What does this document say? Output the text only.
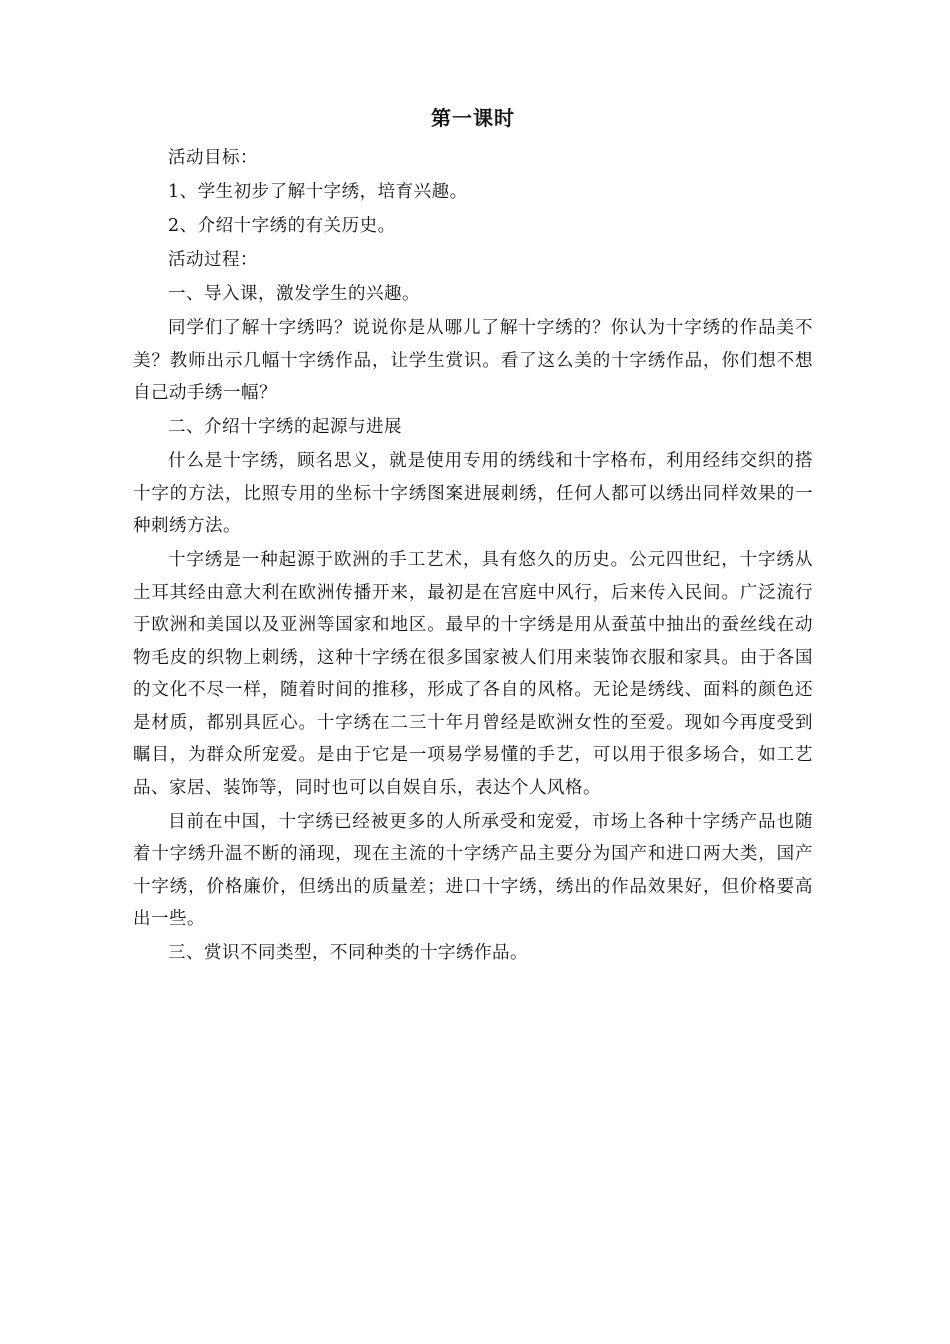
第一课时

活动目标：

1、学生初步了解十字绣，培育兴趣。

2、介绍十字绣的有关历史。

活动过程：

一、导入课，激发学生的兴趣。

同学们了解十字绣吗？说说你是从哪儿了解十字绣的？你认为十字绣的作品美不美？教师出示几幅十字绣作品，让学生赏识。看了这么美的十字绣作品，你们想不想自己动手绣一幅？

二、介绍十字绣的起源与进展

什么是十字绣，顾名思义，就是使用专用的绣线和十字格布，利用经纬交织的搭十字的方法，比照专用的坐标十字绣图案进展刺绣，任何人都可以绣出同样效果的一种刺绣方法。

十字绣是一种起源于欧洲的手工艺术，具有悠久的历史。公元四世纪，十字绣从土耳其经由意大利在欧洲传播开来，最初是在宫庭中风行，后来传入民间。广泛流行于欧洲和美国以及亚洲等国家和地区。最早的十字绣是用从蚕茧中抽出的蚕丝线在动物毛皮的织物上刺绣，这种十字绣在很多国家被人们用来装饰衣服和家具。由于各国的文化不尽一样，随着时间的推移，形成了各自的风格。无论是绣线、面料的颜色还是材质，都别具匠心。十字绣在二三十年月曾经是欧洲女性的至爱。现如今再度受到瞩目，为群众所宠爱。是由于它是一项易学易懂的手艺，可以用于很多场合，如工艺品、家居、装饰等，同时也可以自娱自乐，表达个人风格。

目前在中国，十字绣已经被更多的人所承受和宠爱，市场上各种十字绣产品也随着十字绣升温不断的涌现，现在主流的十字绣产品主要分为国产和进口两大类，国产十字绣，价格廉价，但绣出的质量差；进口十字绣，绣出的作品效果好，但价格要高出一些。

三、赏识不同类型，不同种类的十字绣作品。
